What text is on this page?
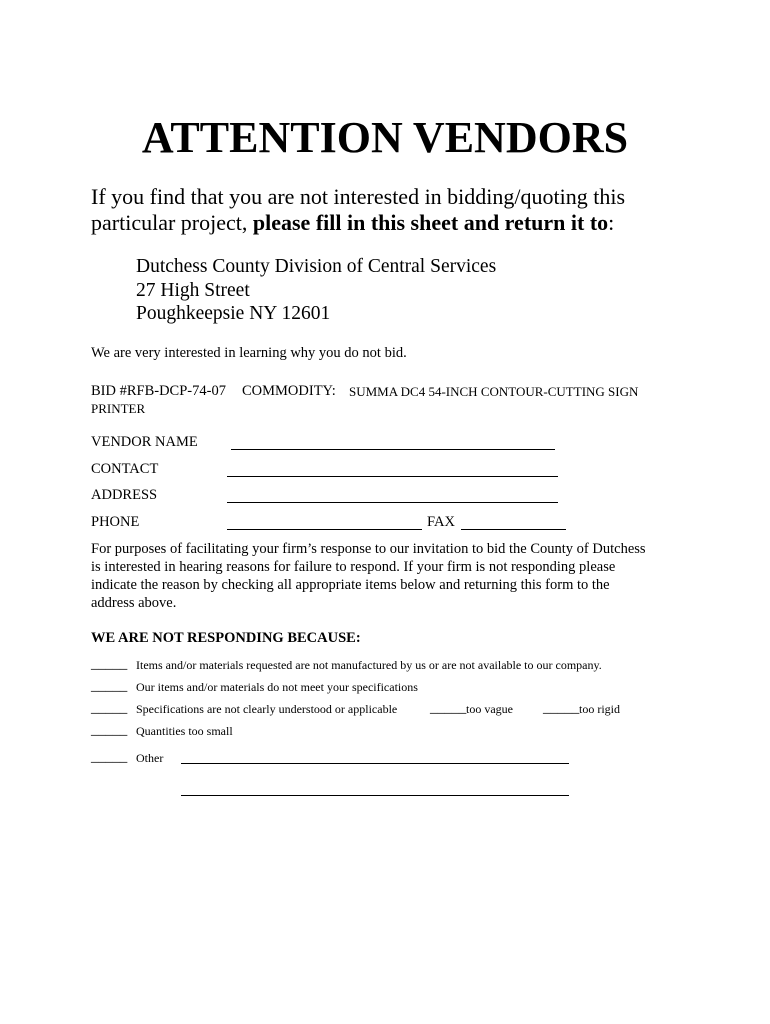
ATTENTION VENDORS
If you find that you are not interested in bidding/quoting this
particular project, please fill in this sheet and return it to:
Dutchess County Division of Central Services
27 High Street
Poughkeepsie NY 12601
We are very interested in learning why you do not bid.
BID #RFB-DCP-74-07 COMMODITY: SUMMA DC4 54-INCH CONTOUR-CUTTING SIGN
PRINTER
VENDOR NAME
CONTACT
ADDRESS
PHONE	FAX
For purposes of facilitating your firm’s response to our invitation to bid the County of Dutchess
is interested in hearing reasons for failure to respond. If your firm is not responding please
indicate the reason by checking all appropriate items below and returning this form to the
address above.
WE ARE NOT RESPONDING BECAUSE:
_____ Items and/or materials requested are not manufactured by us or are not available to our company.
_____ Our items and/or materials do not meet your specifications
_____ Specifications are not clearly understood or applicable _____ too vague _____ too rigid
_____ Quantities too small
_____ Other
